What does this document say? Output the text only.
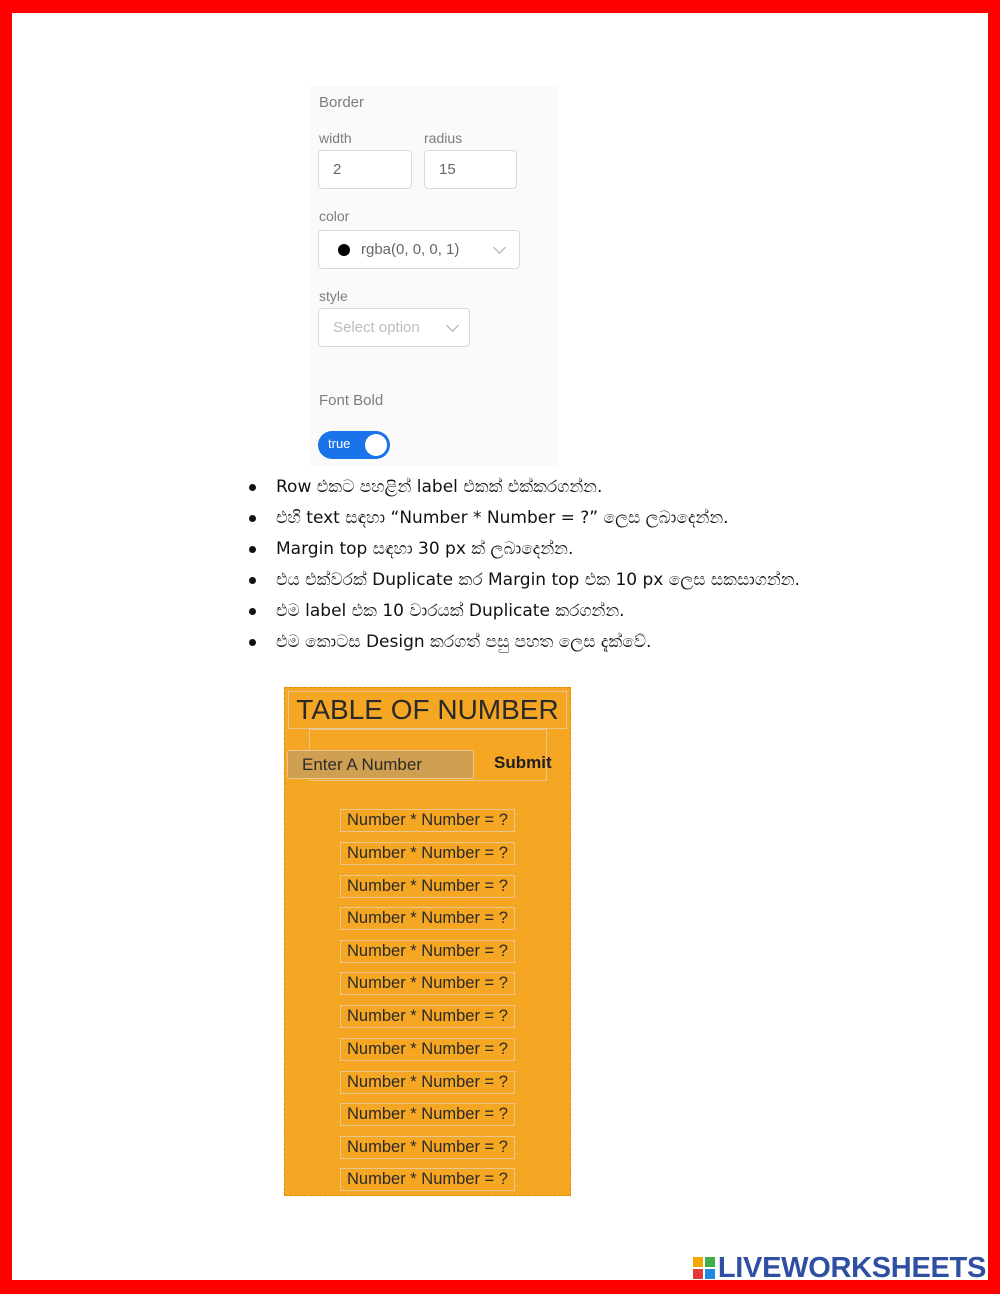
Border
width
2
radius
15
color
rgba(0, 0, 0, 1)
style
Select option
Font Bold
true
Row එකට පහළින් label එකක් එක්කරගන්න.
එහි text සඳහා “Number * Number = ?” ලෙස ලබාදෙන්න.
Margin top සඳහා 30 px ක් ලබාදෙන්න.
එය එක්වරක් Duplicate කර Margin top එක 10 px ලෙස සකසාගන්න.
එම label එක 10 වාරයක් Duplicate කරගන්න.
එම කොටස Design කරගත් පසු පහත ලෙස දැක්වේ.
TABLE OF NUMBER
Enter A Number	Submit
Number * Number = ?
Number * Number = ?
Number * Number = ?
Number * Number = ?
Number * Number = ?
Number * Number = ?
Number * Number = ?
Number * Number = ?
Number * Number = ?
Number * Number = ?
Number * Number = ?
Number * Number = ?
LIVEWORKSHEETS
